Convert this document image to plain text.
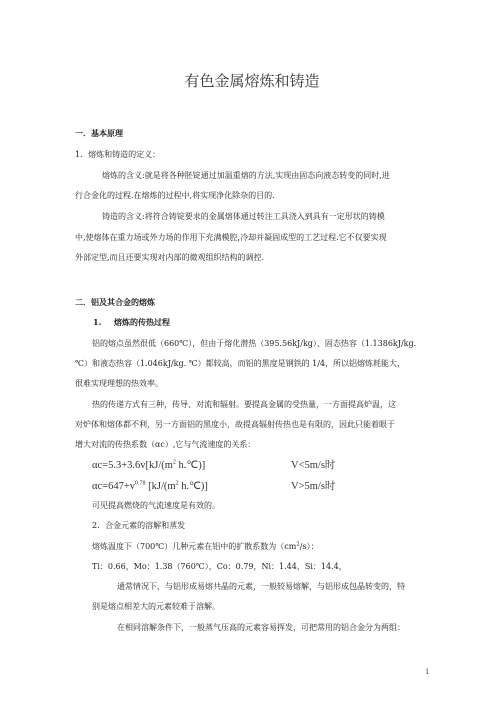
有色金属熔炼和铸造
一．基本原理
1．熔炼和铸造的定义：
熔炼的含义:就是将各种胚锭通过加温重熔的方法,实现由固态向液态转变的同时,进
行合金化的过程.在熔炼的过程中,将实现净化除杂的目的.
铸造的含义:将符合铸锭要求的金属熔体通过转注工具浇入到具有一定形状的铸模
中,使熔体在重力场或外力场的作用下充满模腔,冷却并凝固成型的工艺过程.它不仅要实现
外部定型,而且还要实现对内部的微观组织结构的调控.
二．铝及其合金的熔炼
1. 熔炼的传热过程
铝的熔点虽然很低（660℃），但由于熔化潜热（395.56kJ/kg）、固态热容（1.1386kJ/kg.
℃）和液态热容（1.046kJ/kg. ℃）都较高，而铝的黑度是钢铁的 1/4，所以铝熔炼耗能大，
很难实现理想的热效率。
热的传递方式有三种，传导、对流和辐射。要提高金属的受热量，一方面提高炉温，这
对炉体和熔体都不利，另一方面铝的黑度小，故提高辐射传热也是有限的，因此只能着眼于
增大对流的传热系数（αc）,它与气流速度的关系：
$\alpha c=5.3+3.6v[kJ/(m^2$ h.℃)]	V<5m/s时
$\alpha c=647+v^{0.78}$ [$kJ/(m^2$ h.℃)]	V>5m/s时
可见提高燃烧的气流速度是有效的。
2．合金元素的溶解和蒸发
熔炼温度下（700℃）几种元素在铝中的扩散系数为$(cm^2/s)$：
Ti：0.66，Mo：1.38（760℃），Co：0.79，Ni：1.44，Si：14.4，
通常情况下，与铝形成易熔共晶的元素，一般较易熔解，与铝形成包晶转变的，特
别是熔点相差大的元素较难于溶解。
在相同溶解条件下，一般蒸气压高的元素容易挥发，可把常用的铝合金分为两组：
1
